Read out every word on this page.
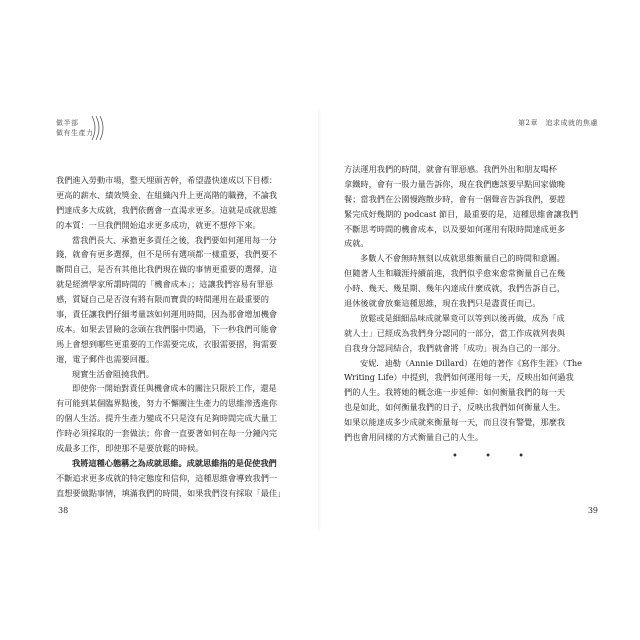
做半部
做有生產力
我們進入勞動市場，整天埋頭苦幹，希望盡快達成以下目標：
更高的薪水、績效獎金、在組織內升上更高階的職務，不論我
們達成多大成就，我們依舊會一直渴求更多。這就是成就思維
的本質：一旦我們開始追求更多成功，就更不想停下來。
當我們長大、承擔更多責任之後，我們要如何運用每一分
錢，就會有更多選擇，但不是所有選項都一樣重要，我們要不
斷問自己，是否有其他比我們現在做的事情更重要的選擇，這
就是經濟學家所謂時間的「機會成本」；這讓我們容易有罪惡
感，質疑自己是否沒有將有限而寶貴的時間運用在最重要的
事，責任讓我們仔細考量該如何運用時間，因為那會增加機會
成本。如果去冒險的念頭在我們腦中閃過，下一秒我們可能會
馬上會想到哪些更重要的工作需要完成，衣服需要摺，狗需要
遛，電子郵件也需要回覆。
現實生活會阻撓我們。
即使你一開始對責任與機會成本的關注只限於工作，還是
有可能到某個臨界點後，努力不懈關注生產力的思維滲透進你
的個人生活。提升生產力變成不只是沒有足夠時間完成大量工
作時必須採取的一套做法；你會一直要著如何在每一分鐘內完
成最多工作，即使那不是要放鬆的時候。
我將這種心態稱之為成就思維。成就思維指的是促使我們
不斷追求更多成就的特定態度和信仰，這種思維會導致我們一
直想要做點事情，填滿我們的時間，如果我們沒有採取「最佳」
38
第2章　追求成就的焦慮
方法運用我們的時間，就會有罪惡感。我們外出和朋友喝杯
拿鐵時，會有一股力量告訴你，現在我們應該要早點回家做晚
餐；當我們在公園慢跑散步時，會有一個聲音告訴我們，要趕
緊完成好幾期的 podcast 節目，最重要的是，這種思維會讓我們
不斷思考時間的機會成本，以及要如何運用有限時間達成更多
成就。
多數人不會無時無刻以成就思維衡量自己的時間和意圖。
但隨著人生和職涯持續前進，我們似乎愈來愈常衡量自己在幾
小時、幾天、幾星期、幾年內達成什麼成就，我們告訴自己，
退休後就會放棄這種思維，現在我們只是盡責任而已。
放鬆或是細細品味成就畢竟可以等到以後再做，成為「成
就人士」已經成為我們身分認同的一部分，當工作成就列表與
自我身分認同結合，我們就會將「成功」視為自己的一部分。
安妮．迪勒（Annie Dillard）在她的著作《寫作生涯》（The
Writing Life）中提到，我們如何運用每一天，反映出如何過我
們的人生。我將她的概念進一步延伸：如何衡量我們的每一天
也是如此，如何衡量我們的日子，反映出我們如何衡量人生。
如果以能達成多少成就來衡量每一天，而且沒有警覺，那麼我
們也會用同樣的方式衡量自己的人生。
• • •
39
